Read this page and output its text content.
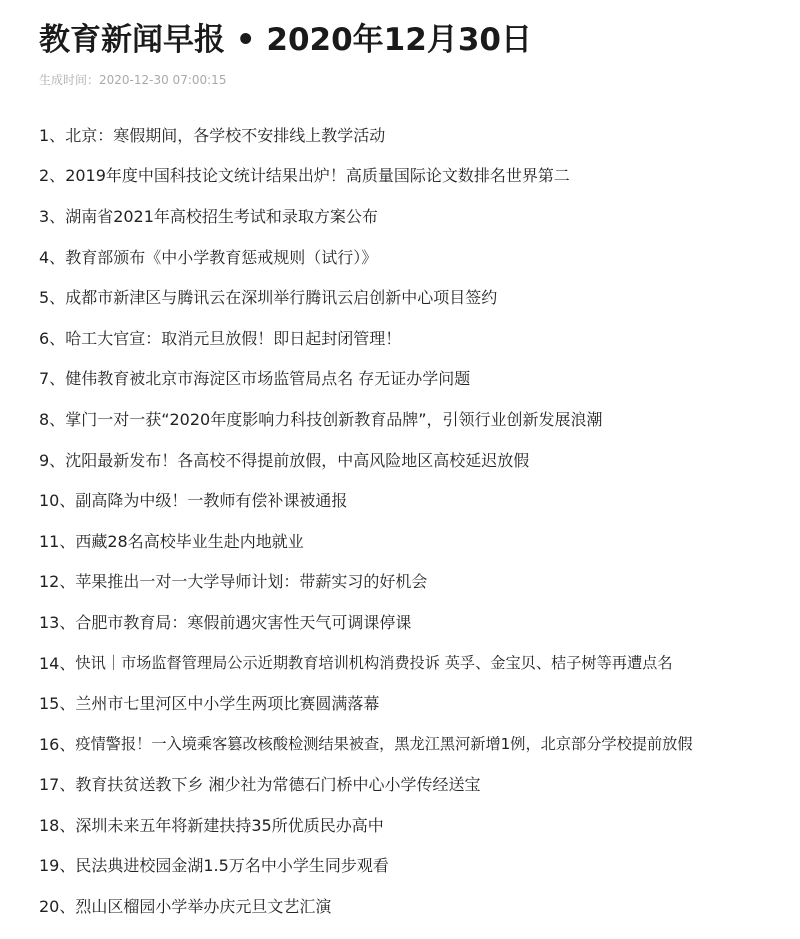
教育新闻早报 • 2020年12月30日
生成时间：2020-12-30 07:00:15
1、 北京：寒假期间，各学校不安排线上教学活动
2、 2019年度中国科技论文统计结果出炉！高质量国际论文数排名世界第二
3、 湖南省2021年高校招生考试和录取方案公布
4、 教育部颁布《中小学教育惩戒规则（试行）》
5、 成都市新津区与腾讯云在深圳举行腾讯云启创新中心项目签约
6、 哈工大官宣：取消元旦放假！即日起封闭管理！
7、 健伟教育被北京市海淀区市场监管局点名 存无证办学问题
8、 掌门一对一获“2020年度影响力科技创新教育品牌”，引领行业创新发展浪潮
9、 沈阳最新发布！各高校不得提前放假，中高风险地区高校延迟放假
10、 副高降为中级！一教师有偿补课被通报
11、 西藏28名高校毕业生赴内地就业
12、 苹果推出一对一大学导师计划：带薪实习的好机会
13、 合肥市教育局：寒假前遇灾害性天气可调课停课
14、 快讯｜市场监督管理局公示近期教育培训机构消费投诉 英孚、金宝贝、桔子树等再遭点名
15、 兰州市七里河区中小学生两项比赛圆满落幕
16、 疫情警报！一入境乘客篡改核酸检测结果被查，黑龙江黑河新增1例，北京部分学校提前放假
17、 教育扶贫送教下乡 湘少社为常德石门桥中心小学传经送宝
18、 深圳未来五年将新建扶持35所优质民办高中
19、 民法典进校园金湖1.5万名中小学生同步观看
20、 烈山区榴园小学举办庆元旦文艺汇演
